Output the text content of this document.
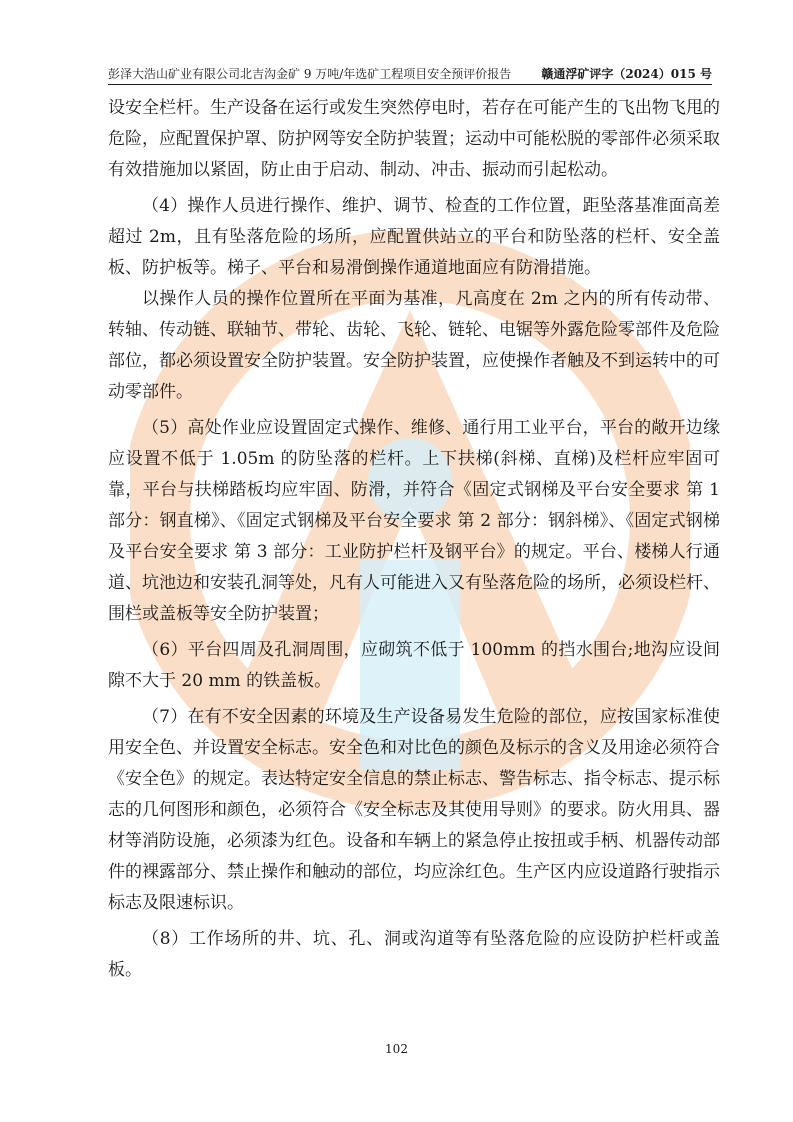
彭泽大浩山矿业有限公司北吉沟金矿 9 万吨/年选矿工程项目安全预评价报告	赣通浮矿评字（2024）015 号

设安全栏杆。生产设备在运行或发生突然停电时，若存在可能产生的飞出物飞甩的危险，应配置保护罩、防护网等安全防护装置；运动中可能松脱的零部件必须采取有效措施加以紧固，防止由于启动、制动、冲击、振动而引起松动。

（4）操作人员进行操作、维护、调节、检查的工作位置，距坠落基准面高差超过 2m，且有坠落危险的场所，应配置供站立的平台和防坠落的栏杆、安全盖板、防护板等。梯子、平台和易滑倒操作通道地面应有防滑措施。

以操作人员的操作位置所在平面为基准，凡高度在 2m 之内的所有传动带、转轴、传动链、联轴节、带轮、齿轮、飞轮、链轮、电锯等外露危险零部件及危险部位，都必须设置安全防护装置。安全防护装置，应使操作者触及不到运转中的可动零部件。

（5）高处作业应设置固定式操作、维修、通行用工业平台，平台的敞开边缘应设置不低于 1.05m 的防坠落的栏杆。上下扶梯(斜梯、直梯)及栏杆应牢固可靠，平台与扶梯踏板均应牢固、防滑，并符合《固定式钢梯及平台安全要求 第 1 部分：钢直梯》、《固定式钢梯及平台安全要求 第 2 部分：钢斜梯》、《固定式钢梯及平台安全要求 第 3 部分：工业防护栏杆及钢平台》的规定。平台、楼梯人行通道、坑池边和安装孔洞等处，凡有人可能进入又有坠落危险的场所，必须设栏杆、围栏或盖板等安全防护装置；

（6）平台四周及孔洞周围，应砌筑不低于 100mm 的挡水围台;地沟应设间隙不大于 20 mm 的铁盖板。

（7）在有不安全因素的环境及生产设备易发生危险的部位，应按国家标准使用安全色、并设置安全标志。安全色和对比色的颜色及标示的含义及用途必须符合《安全色》的规定。表达特定安全信息的禁止标志、警告标志、指令标志、提示标志的几何图形和颜色，必须符合《安全标志及其使用导则》的要求。防火用具、器材等消防设施，必须漆为红色。设备和车辆上的紧急停止按扭或手柄、机器传动部件的裸露部分、禁止操作和触动的部位，均应涂红色。生产区内应设道路行驶指示标志及限速标识。

（8）工作场所的井、坑、孔、洞或沟道等有坠落危险的应设防护栏杆或盖板。

102
